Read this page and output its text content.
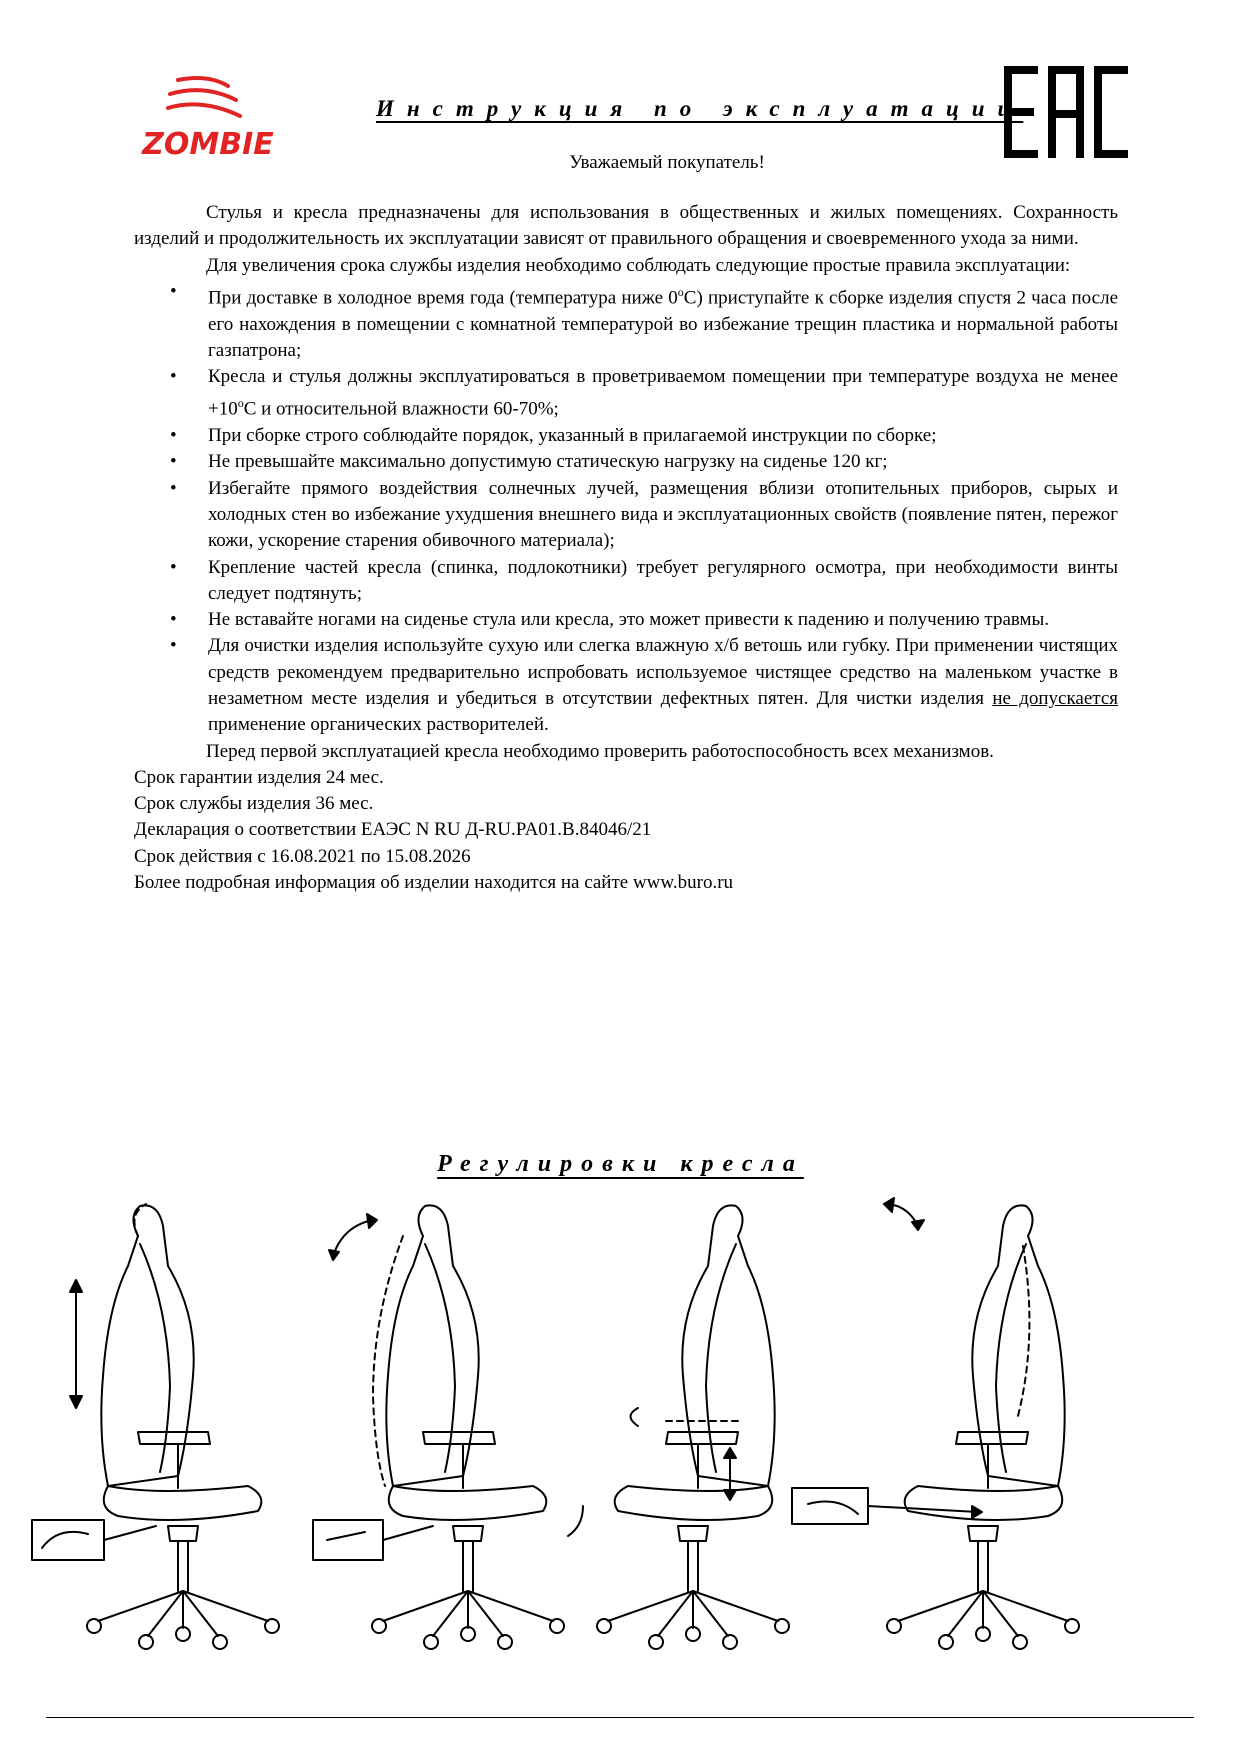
ZOMBIE
Инструкция по эксплуатации
Уважаемый покупатель!

Стулья и кресла предназначены для использования в общественных и жилых помещениях. Сохранность изделий и продолжительность их эксплуатации зависят от правильного обращения и своевременного ухода за ними.

Для увеличения срока службы изделия необходимо соблюдать следующие простые правила эксплуатации:

• При доставке в холодное время года (температура ниже $0^оС$) приступайте к сборке изделия спустя 2 часа после его нахождения в помещении с комнатной температурой во избежание трещин пластика и нормальной работы газпатрона;
• Кресла и стулья должны эксплуатироваться в проветриваемом помещении при температуре воздуха не менее $+10^оС$ и относительной влажности 60-70%;
• При сборке строго соблюдайте порядок, указанный в прилагаемой инструкции по сборке;
• Не превышайте максимально допустимую статическую нагрузку на сиденье 120 кг;
• Избегайте прямого воздействия солнечных лучей, размещения вблизи отопительных приборов, сырых и холодных стен во избежание ухудшения внешнего вида и эксплуатационных свойств (появление пятен, пережог кожи, ускорение старения обивочного материала);
• Крепление частей кресла (спинка, подлокотники) требует регулярного осмотра, при необходимости винты следует подтянуть;
• Не вставайте ногами на сиденье стула или кресла, это может привести к падению и получению травмы.
• Для очистки изделия используйте сухую или слегка влажную х/б ветошь или губку. При применении чистящих средств рекомендуем предварительно испробовать используемое чистящее средство на маленьком участке в незаметном месте изделия и убедиться в отсутствии дефектных пятен. Для чистки изделия не допускается применение органических растворителей.

Перед первой эксплуатацией кресла необходимо проверить работоспособность всех механизмов.

Срок гарантии изделия 24 мес.

Срок службы изделия 36 мес.

Декларация о соответствии ЕАЭС N RU Д-RU.PA01.B.84046/21

Срок действия с 16.08.2021 по 15.08.2026

Более подробная информация об изделии находится на сайте www.buro.ru

Регулировки кресла
